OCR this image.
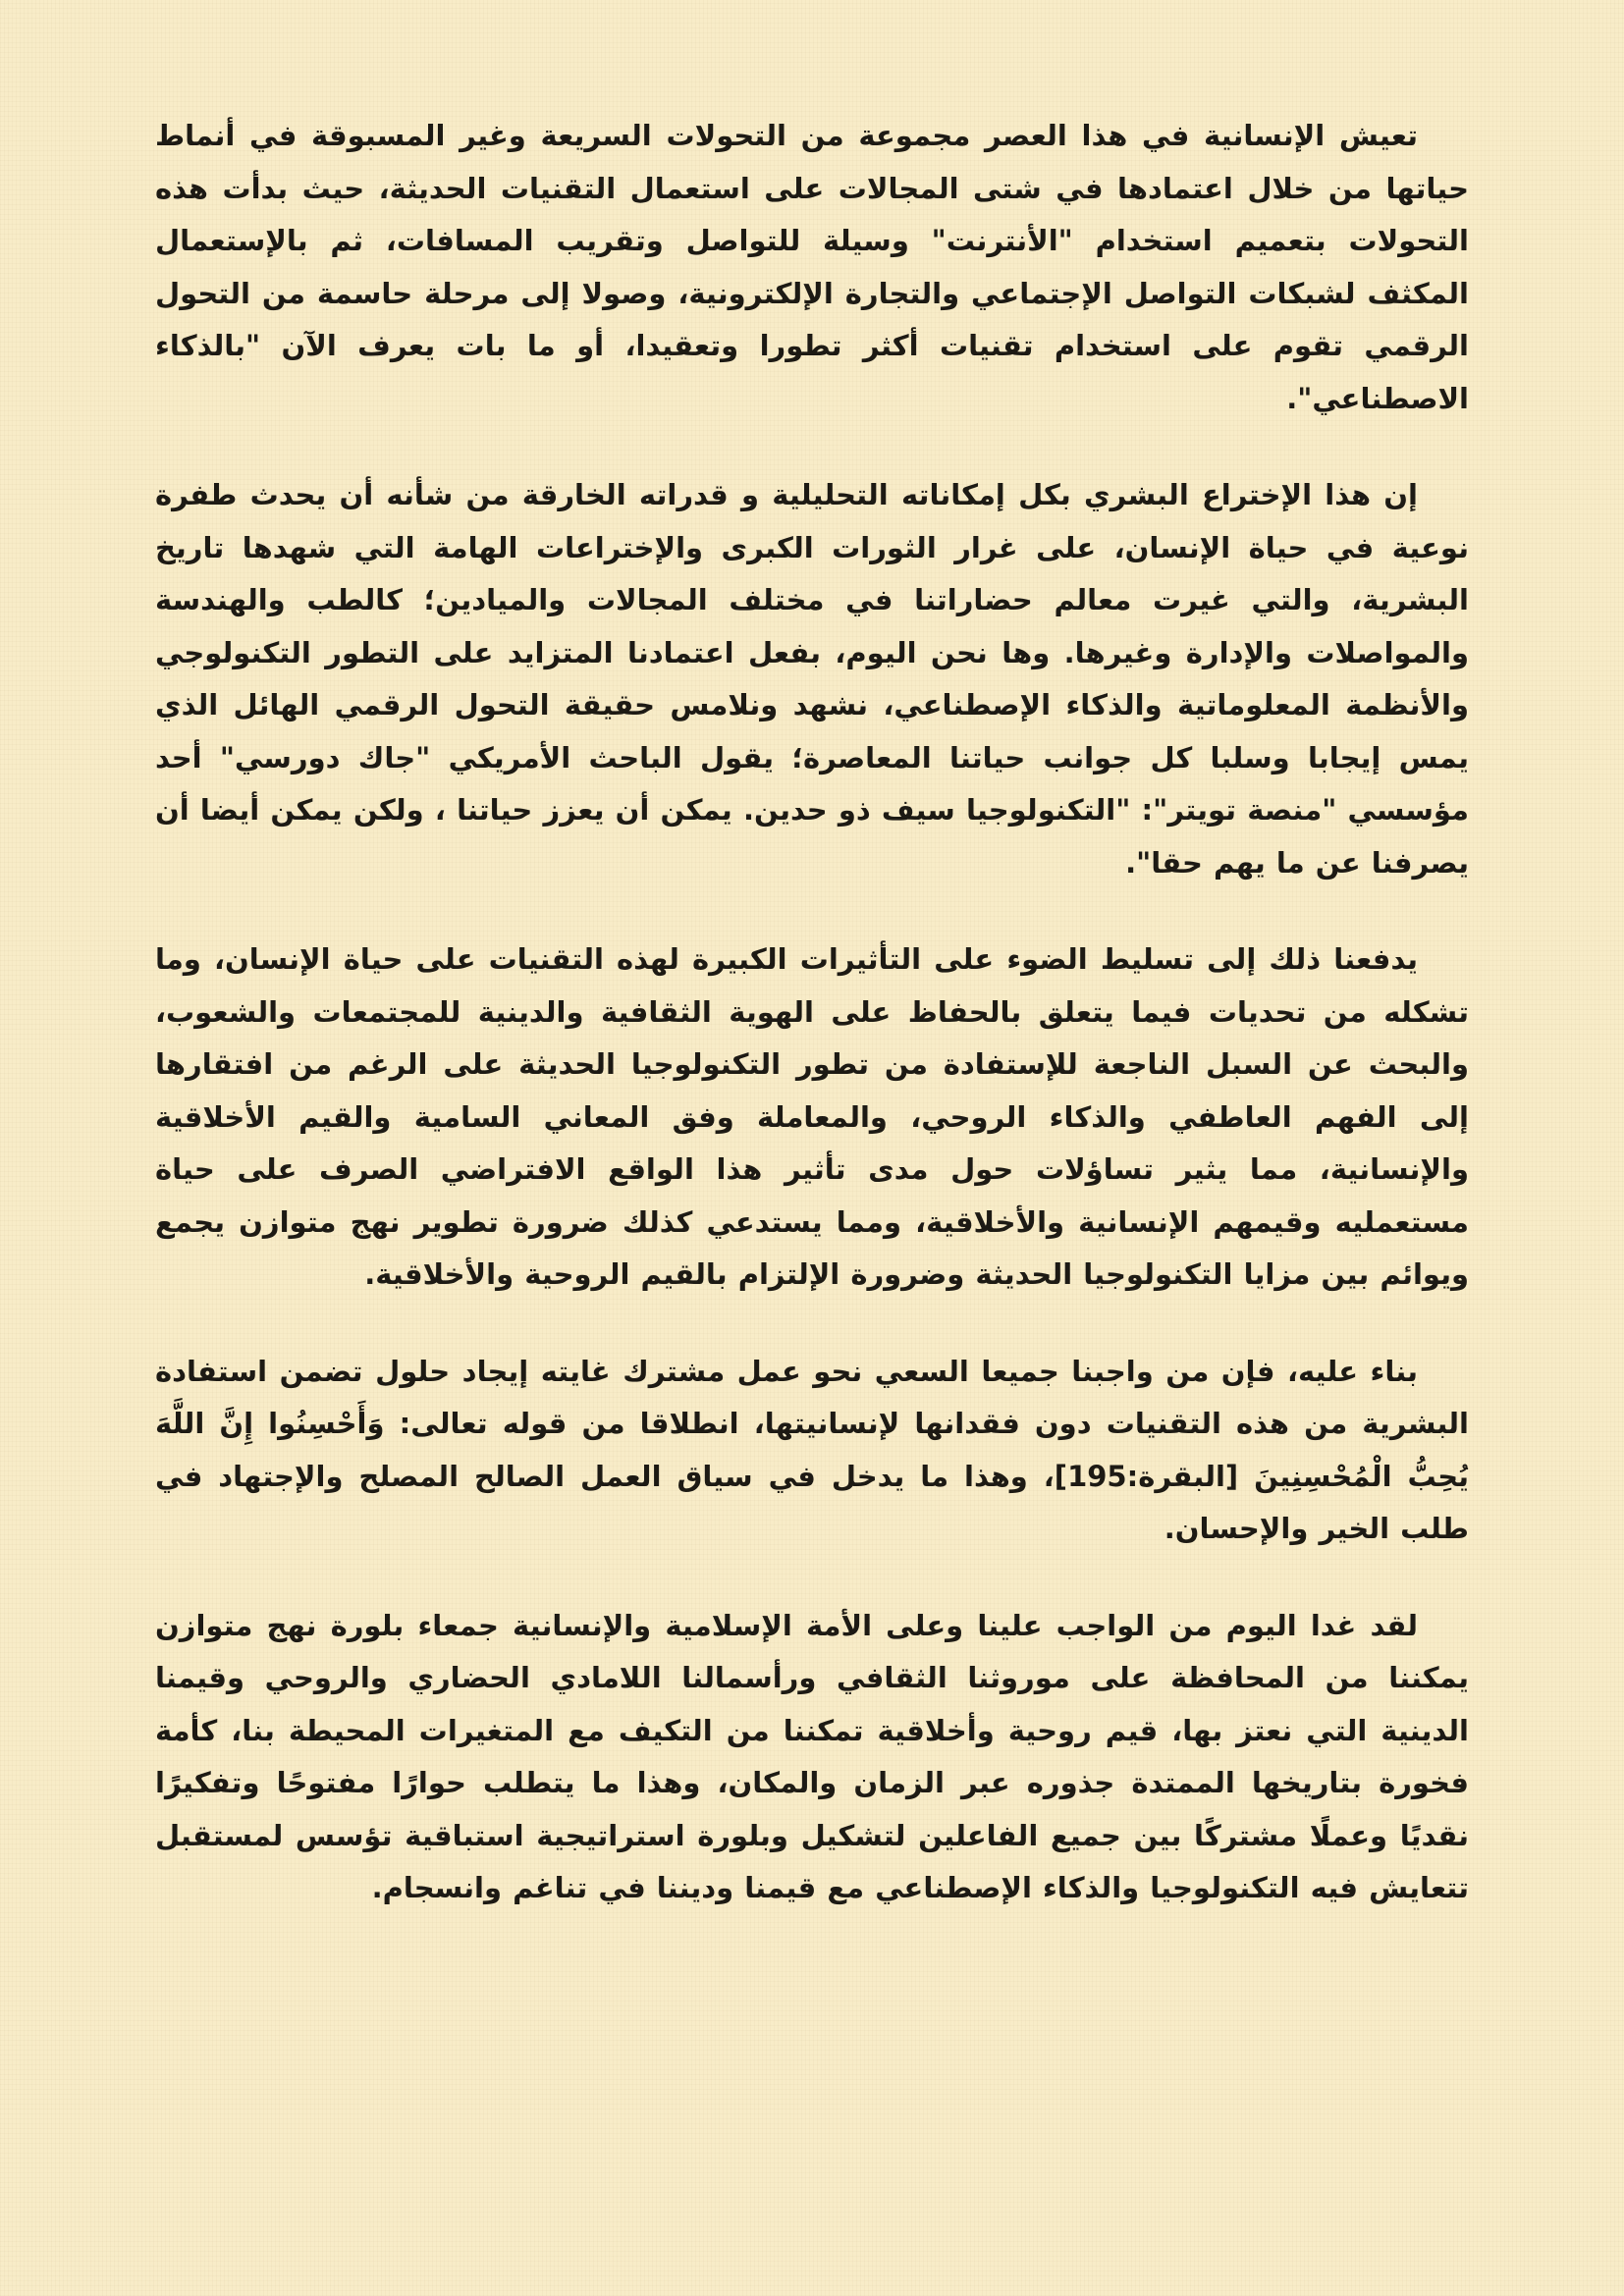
تعيش الإنسانية في هذا العصر مجموعة من التحولات السريعة وغير المسبوقة في أنماط حياتها من خلال اعتمادها في شتى المجالات على استعمال التقنيات الحديثة، حيث بدأت هذه التحولات بتعميم استخدام "الأنترنت" وسيلة للتواصل وتقريب المسافات، ثم بالإستعمال المكثف لشبكات التواصل الإجتماعي والتجارة الإلكترونية، وصولا إلى مرحلة حاسمة من التحول الرقمي تقوم على استخدام تقنيات أكثر تطورا وتعقيدا، أو ما بات يعرف الآن "بالذكاء الاصطناعي".

إن هذا الإختراع البشري بكل إمكاناته التحليلية و قدراته الخارقة من شأنه أن يحدث طفرة نوعية في حياة الإنسان، على غرار الثورات الكبرى والإختراعات الهامة التي شهدها تاريخ البشرية، والتي غيرت معالم حضاراتنا في مختلف المجالات والميادين؛ كالطب والهندسة والمواصلات والإدارة وغيرها. وها نحن اليوم، بفعل اعتمادنا المتزايد على التطور التكنولوجي والأنظمة المعلوماتية والذكاء الإصطناعي، نشهد ونلامس حقيقة التحول الرقمي الهائل الذي يمس إيجابا وسلبا كل جوانب حياتنا المعاصرة؛ يقول الباحث الأمريكي "جاك دورسي" أحد مؤسسي "منصة تويتر": "التكنولوجيا سيف ذو حدين. يمكن أن يعزز حياتنا ، ولكن يمكن أيضا أن يصرفنا عن ما يهم حقا".

يدفعنا ذلك إلى تسليط الضوء على التأثيرات الكبيرة لهذه التقنيات على حياة الإنسان، وما تشكله من تحديات فيما يتعلق بالحفاظ على الهوية الثقافية والدينية للمجتمعات والشعوب، والبحث عن السبل الناجعة للإستفادة من تطور التكنولوجيا الحديثة على الرغم من افتقارها إلى الفهم العاطفي والذكاء الروحي، والمعاملة وفق المعاني السامية والقيم الأخلاقية والإنسانية، مما يثير تساؤلات حول مدى تأثير هذا الواقع الافتراضي الصرف على حياة مستعمليه وقيمهم الإنسانية والأخلاقية، ومما يستدعي كذلك ضرورة تطوير نهج متوازن يجمع ويوائم بين مزايا التكنولوجيا الحديثة وضرورة الإلتزام بالقيم الروحية والأخلاقية.

بناء عليه، فإن من واجبنا جميعا السعي نحو عمل مشترك غايته إيجاد حلول تضمن استفادة البشرية من هذه التقنيات دون فقدانها لإنسانيتها، انطلاقا من قوله تعالى: وَأَحْسِنُوا إِنَّ اللَّهَ يُحِبُّ الْمُحْسِنِينَ [البقرة:195]، وهذا ما يدخل في سياق العمل الصالح المصلح والإجتهاد في طلب الخير والإحسان.

لقد غدا اليوم من الواجب علينا وعلى الأمة الإسلامية والإنسانية جمعاء بلورة نهج متوازن يمكننا من المحافظة على موروثنا الثقافي ورأسمالنا اللامادي الحضاري والروحي وقيمنا الدينية التي نعتز بها، قيم روحية وأخلاقية تمكننا من التكيف مع المتغيرات المحيطة بنا، كأمة فخورة بتاريخها الممتدة جذوره عبر الزمان والمكان، وهذا ما يتطلب حوارًا مفتوحًا وتفكيرًا نقديًا وعملًا مشتركًا بين جميع الفاعلين لتشكيل وبلورة استراتيجية استباقية تؤسس لمستقبل تتعايش فيه التكنولوجيا والذكاء الإصطناعي مع قيمنا وديننا في تناغم وانسجام.
